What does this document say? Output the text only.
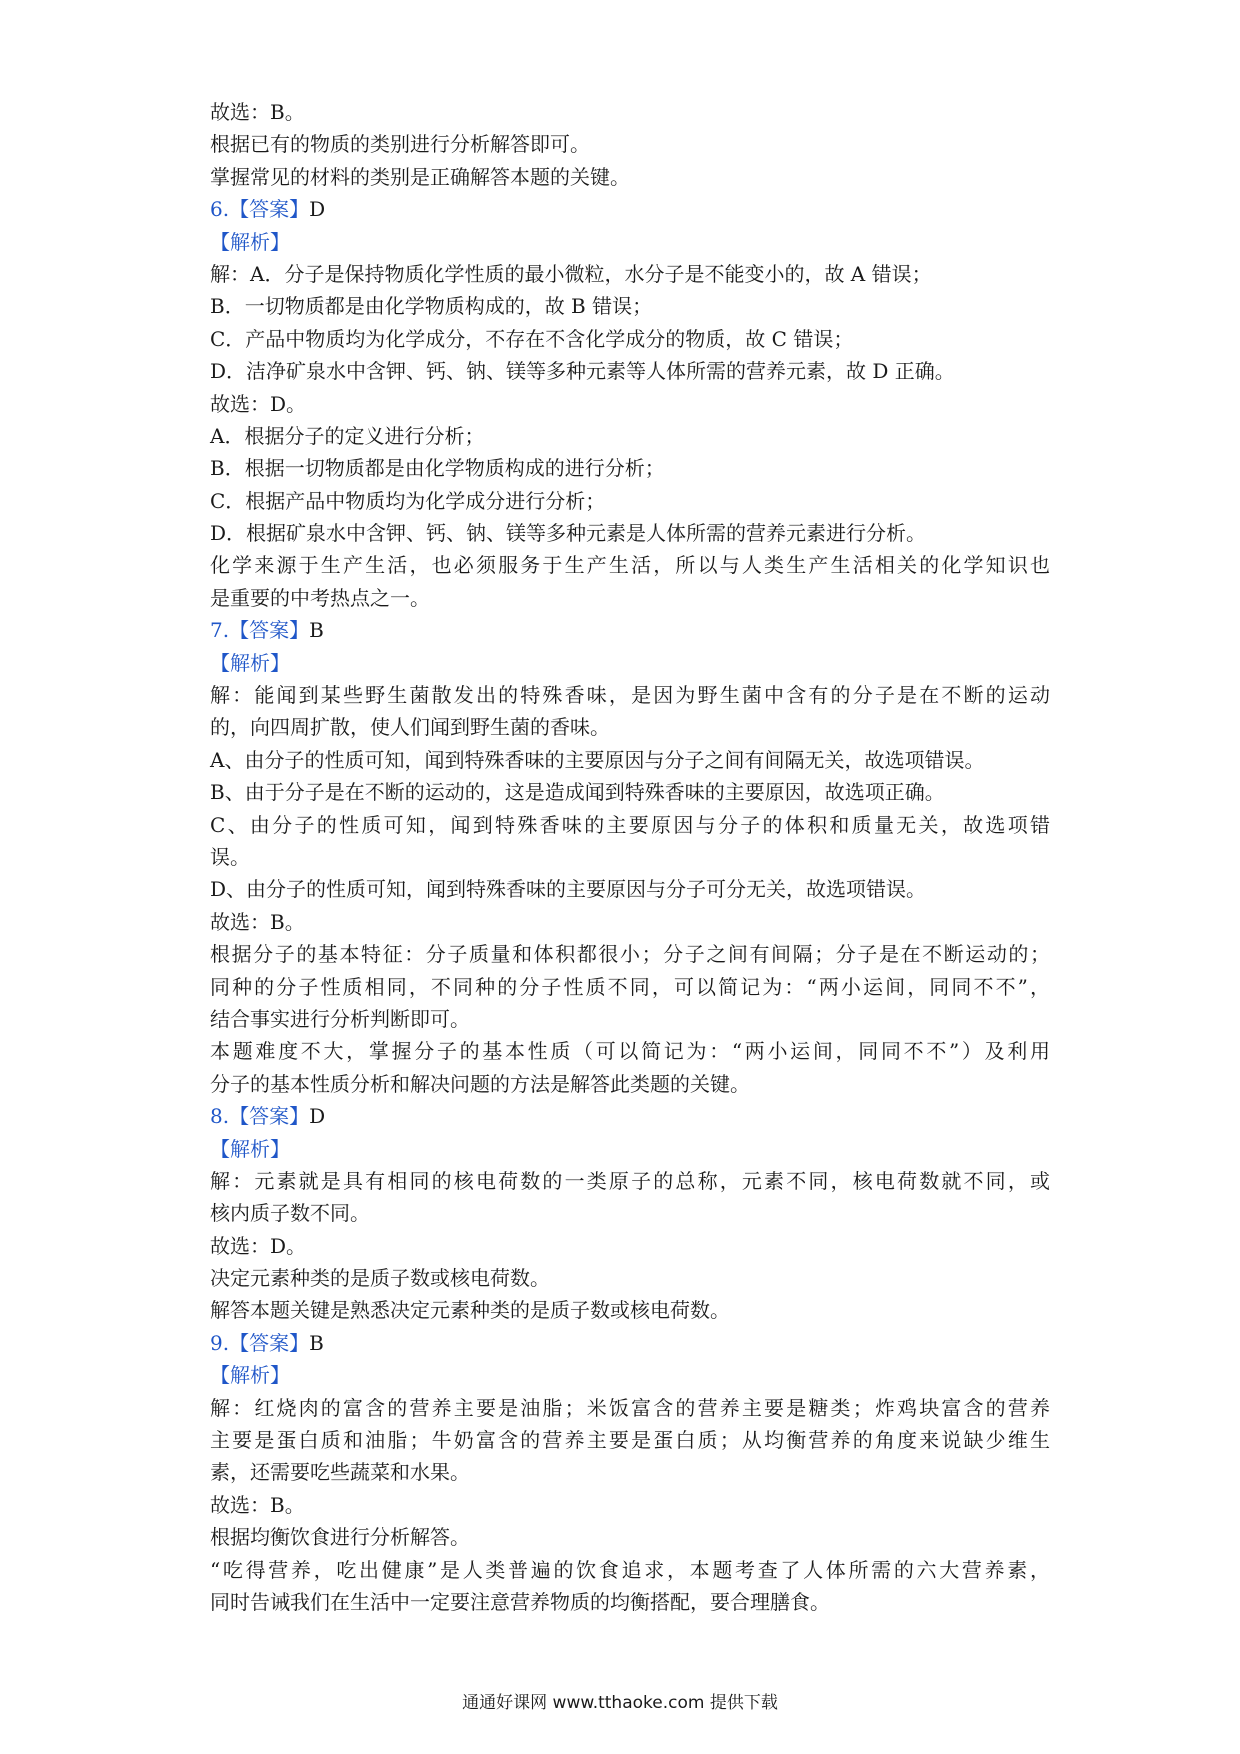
故选：B。
根据已有的物质的类别进行分析解答即可。
掌握常见的材料的类别是正确解答本题的关键。
6.【答案】D
【解析】
解：A．分子是保持物质化学性质的最小微粒，水分子是不能变小的，故 A 错误；
B．一切物质都是由化学物质构成的，故 B 错误；
C．产品中物质均为化学成分，不存在不含化学成分的物质，故 C 错误；
D．洁净矿泉水中含钾、钙、钠、镁等多种元素等人体所需的营养元素，故 D 正确。
故选：D。
A．根据分子的定义进行分析；
B．根据一切物质都是由化学物质构成的进行分析；
C．根据产品中物质均为化学成分进行分析；
D．根据矿泉水中含钾、钙、钠、镁等多种元素是人体所需的营养元素进行分析。
化学来源于生产生活，也必须服务于生产生活，所以与人类生产生活相关的化学知识也
是重要的中考热点之一。
7.【答案】B
【解析】
解：能闻到某些野生菌散发出的特殊香味，是因为野生菌中含有的分子是在不断的运动
的，向四周扩散，使人们闻到野生菌的香味。
A、由分子的性质可知，闻到特殊香味的主要原因与分子之间有间隔无关，故选项错误。
B、由于分子是在不断的运动的，这是造成闻到特殊香味的主要原因，故选项正确。
C、由分子的性质可知，闻到特殊香味的主要原因与分子的体积和质量无关，故选项错
误。
D、由分子的性质可知，闻到特殊香味的主要原因与分子可分无关，故选项错误。
故选：B。
根据分子的基本特征：分子质量和体积都很小；分子之间有间隔；分子是在不断运动的；
同种的分子性质相同，不同种的分子性质不同，可以简记为：“两小运间，同同不不”，
结合事实进行分析判断即可。
本题难度不大，掌握分子的基本性质（可以简记为：“两小运间，同同不不”）及利用
分子的基本性质分析和解决问题的方法是解答此类题的关键。
8.【答案】D
【解析】
解：元素就是具有相同的核电荷数的一类原子的总称，元素不同，核电荷数就不同，或
核内质子数不同。
故选：D。
决定元素种类的是质子数或核电荷数。
解答本题关键是熟悉决定元素种类的是质子数或核电荷数。
9.【答案】B
【解析】
解：红烧肉的富含的营养主要是油脂；米饭富含的营养主要是糖类；炸鸡块富含的营养
主要是蛋白质和油脂；牛奶富含的营养主要是蛋白质；从均衡营养的角度来说缺少维生
素，还需要吃些蔬菜和水果。
故选：B。
根据均衡饮食进行分析解答。
“吃得营养，吃出健康”是人类普遍的饮食追求，本题考查了人体所需的六大营养素，
同时告诫我们在生活中一定要注意营养物质的均衡搭配，要合理膳食。
通通好课网 www.tthaoke.com 提供下载
